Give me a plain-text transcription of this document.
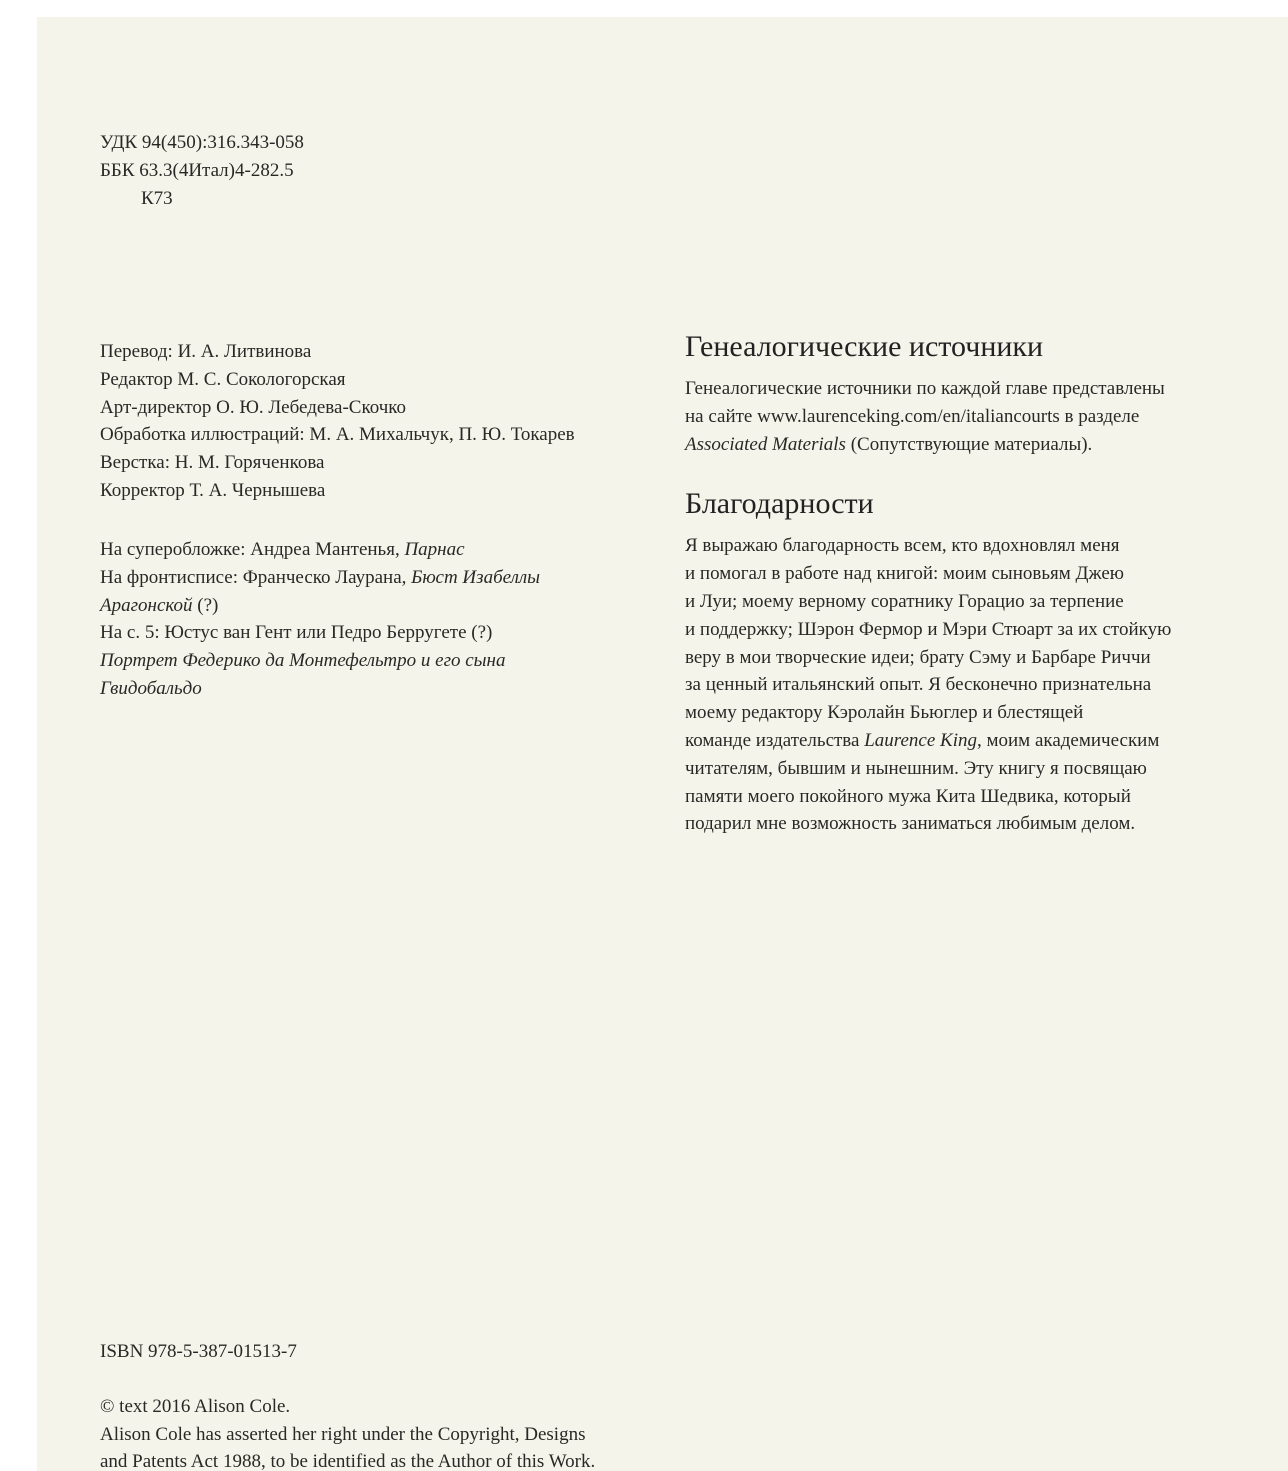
УДК 94(450):316.343-058
ББК 63.3(4Итал)4-282.5
К73
Перевод: И. А. Литвинова
Редактор М. С. Сокологорская
Арт-директор О. Ю. Лебедева-Скочко
Обработка иллюстраций: М. А. Михальчук, П. Ю. Токарев
Верстка: Н. М. Горяченкова
Корректор Т. А. Чернышева
На суперобложке: Андреа Мантенья, Парнас
На фронтисписе: Франческо Лаурана, Бюст Изабеллы
Арагонской (?)
На с. 5: Юстус ван Гент или Педро Берругете (?)
Портрет Федерико да Монтефельтро и его сына
Гвидобальдо
Генеалогические источники

Генеалогические источники по каждой главе представлены
на сайте www.laurenceking.com/en/italiancourts в разделе
Associated Materials (Сопутствующие материалы).

Благодарности

Я выражаю благодарность всем, кто вдохновлял меня
и помогал в работе над книгой: моим сыновьям Джею
и Луи; моему верному соратнику Горацио за терпение
и поддержку; Шэрон Фермор и Мэри Стюарт за их стойкую
веру в мои творческие идеи; брату Сэму и Барбаре Риччи
за ценный итальянский опыт. Я бесконечно признательна
моему редактору Кэролайн Бьюглер и блестящей
команде издательства Laurence King, моим академическим
читателям, бывшим и нынешним. Эту книгу я посвящаю
памяти моего покойного мужа Кита Шедвика, который
подарил мне возможность заниматься любимым делом.

ISBN 978-5-387-01513-7
© text 2016 Alison Cole.
Alison Cole has asserted her right under the Copyright, Designs
and Patents Act 1988, to be identified as the Author of this Work.
